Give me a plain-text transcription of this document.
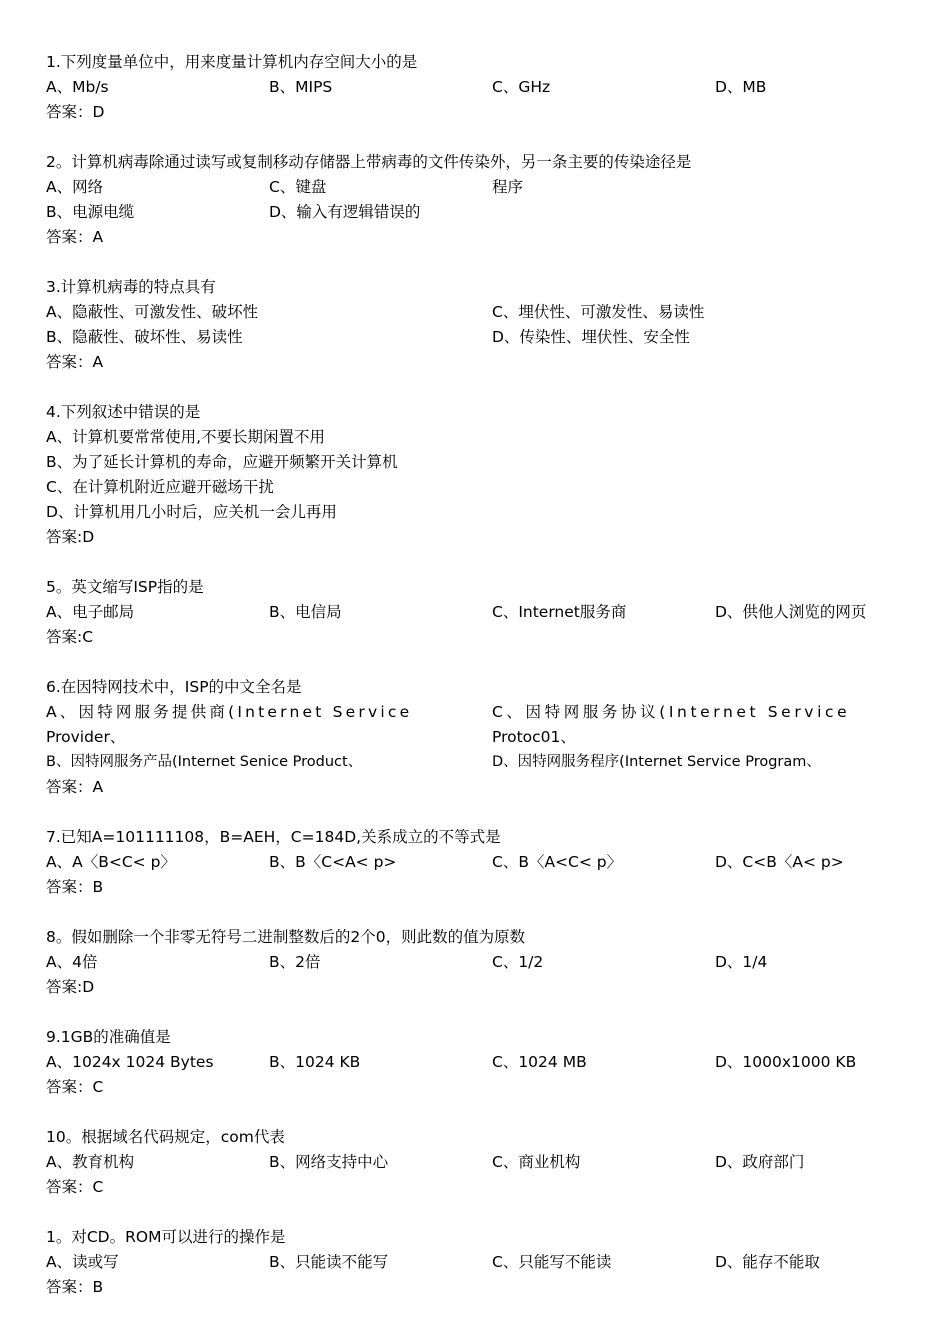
1.下列度量单位中，用来度量计算机内存空间大小的是
A、Mb/s	B、MIPS	C、GHz	D、MB
答案：D
2。计算机病毒除通过读写或复制移动存储器上带病毒的文件传染外，另一条主要的传染途径是
A、网络	C、键盘	程序
B、电源电缆	D、输入有逻辑错误的
答案：A
3.计算机病毒的特点具有
A、隐蔽性、可激发性、破坏性	C、埋伏性、可激发性、易读性
B、隐蔽性、破坏性、易读性	D、传染性、埋伏性、安全性
答案：A
4.下列叙述中错误的是
A、计算机要常常使用,不要长期闲置不用
B、为了延长计算机的寿命，应避开频繁开关计算机
C、在计算机附近应避开磁场干扰
D、计算机用几小时后，应关机一会儿再用
答案:D
5。英文缩写ISP指的是
A、电子邮局	B、电信局	C、Internet服务商	D、供他人浏览的网页
答案:C
6.在因特网技术中，ISP的中文全名是
A、因特网服务提供商(Internet Service	C、因特网服务协议(Internet Service
Provider、	Protoc01、
B、因特网服务产品(Internet Senice Product、	D、因特网服务程序(Internet Service Program、
答案：A
7.已知A=101111108，B=AEH，C=184D,关系成立的不等式是
A、A〈B<C< p〉	B、B〈C<A< p>	C、B〈A<C< p〉	D、C<B〈A< p>
答案：B
8。假如删除一个非零无符号二进制整数后的2个0，则此数的值为原数
A、4倍	B、2倍	C、1/2	D、1/4
答案:D
9.1GB的准确值是
A、1024x 1024 Bytes	B、1024 KB	C、1024 MB	D、1000x1000 KB
答案：C
10。根据域名代码规定，com代表
A、教育机构	B、网络支持中心	C、商业机构	D、政府部门
答案：C
1。对CD。ROM可以进行的操作是
A、读或写	B、只能读不能写	C、只能写不能读	D、能存不能取
答案：B
